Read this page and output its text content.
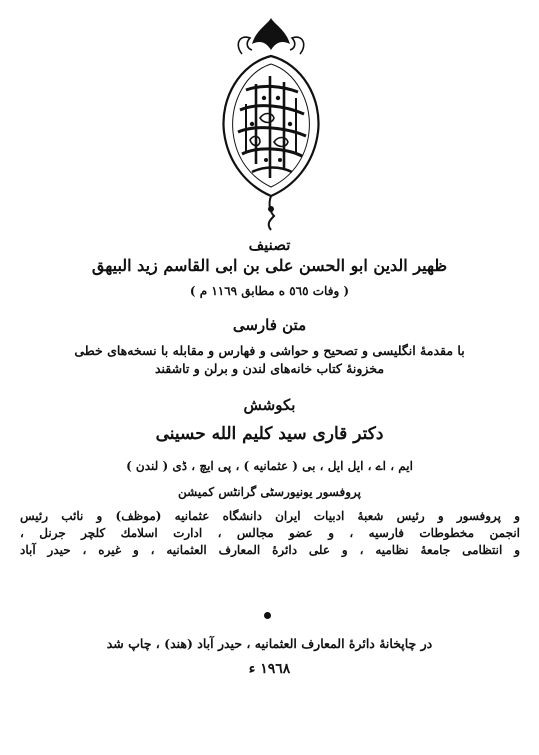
تصنیف
ظهیر الدین ابو الحسن علی بن ابی القاسم زید البیهق
( وفات ٥٦٥ ه مطابق ١١٦٩ م )
متن فارسی
با مقدمهٔ انگلیسی و تصحیح و حواشی و فهارس و مقابله با نسخه‌های خطی
مخزونهٔ کتاب خانه‌های لندن و برلن و تاشقند
بکوشش
دکتر قاری سید کلیم الله حسینی
ایم ، اے ، ایل ایل ، بی ( عثمانیه ) ، پی ایچ ، ڈی ( لندن )
پروفسور یونیورسٹی گرانٹس کمیشن
و پروفسور و رئیس شعبهٔ ادبیات ایران دانشگاه عثمانیه (موظف) و نائب رئیس
انجمن مخطوطات فارسیه ، و عضو مجالس ، ادارت اسلامك كلچر جرنل ،
و انتظامی جامعهٔ نظامیه ، و علی دائرهٔ المعارف العثمانیه ، و غیره ، حیدر آباد
در چاپخانهٔ دائرهٔ المعارف العثمانیه ، حیدر آباد (هند) ، چاپ شد
١٩٦٨ ء
